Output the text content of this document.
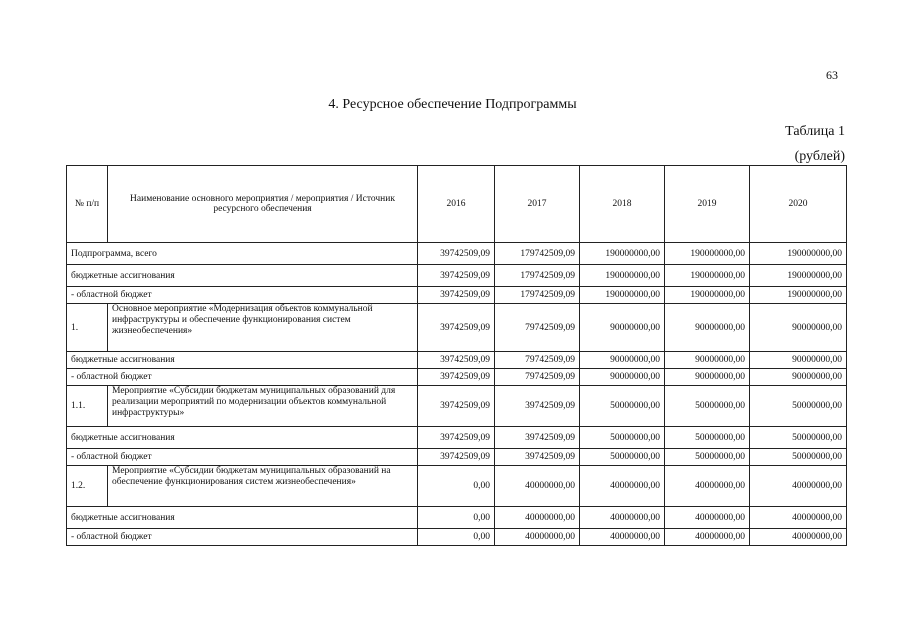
63
4. Ресурсное обеспечение Подпрограммы
Таблица 1
(рублей)
№ п/п	Наименование основного мероприятия / мероприятия / Источник ресурсного обеспечения	2016	2017	2018	2019	2020
Подпрограмма, всего		39742509,09	179742509,09	190000000,00	190000000,00	190000000,00
бюджетные ассигнования		39742509,09	179742509,09	190000000,00	190000000,00	190000000,00
- областной бюджет		39742509,09	179742509,09	190000000,00	190000000,00	190000000,00
1.	Основное мероприятие «Модернизация объектов коммунальной инфраструктуры и обеспечение функционирования систем жизнеобеспечения»	39742509,09	79742509,09	90000000,00	90000000,00	90000000,00
бюджетные ассигнования		39742509,09	79742509,09	90000000,00	90000000,00	90000000,00
- областной бюджет		39742509,09	79742509,09	90000000,00	90000000,00	90000000,00
1.1.	Мероприятие «Субсидии бюджетам муниципальных образований для реализации мероприятий по модернизации объектов коммунальной инфраструктуры»	39742509,09	39742509,09	50000000,00	50000000,00	50000000,00
бюджетные ассигнования		39742509,09	39742509,09	50000000,00	50000000,00	50000000,00
- областной бюджет		39742509,09	39742509,09	50000000,00	50000000,00	50000000,00
1.2.	Мероприятие «Субсидии бюджетам муниципальных образований на обеспечение функционирования систем жизнеобеспечения»	0,00	40000000,00	40000000,00	40000000,00	40000000,00
бюджетные ассигнования		0,00	40000000,00	40000000,00	40000000,00	40000000,00
- областной бюджет		0,00	40000000,00	40000000,00	40000000,00	40000000,00
